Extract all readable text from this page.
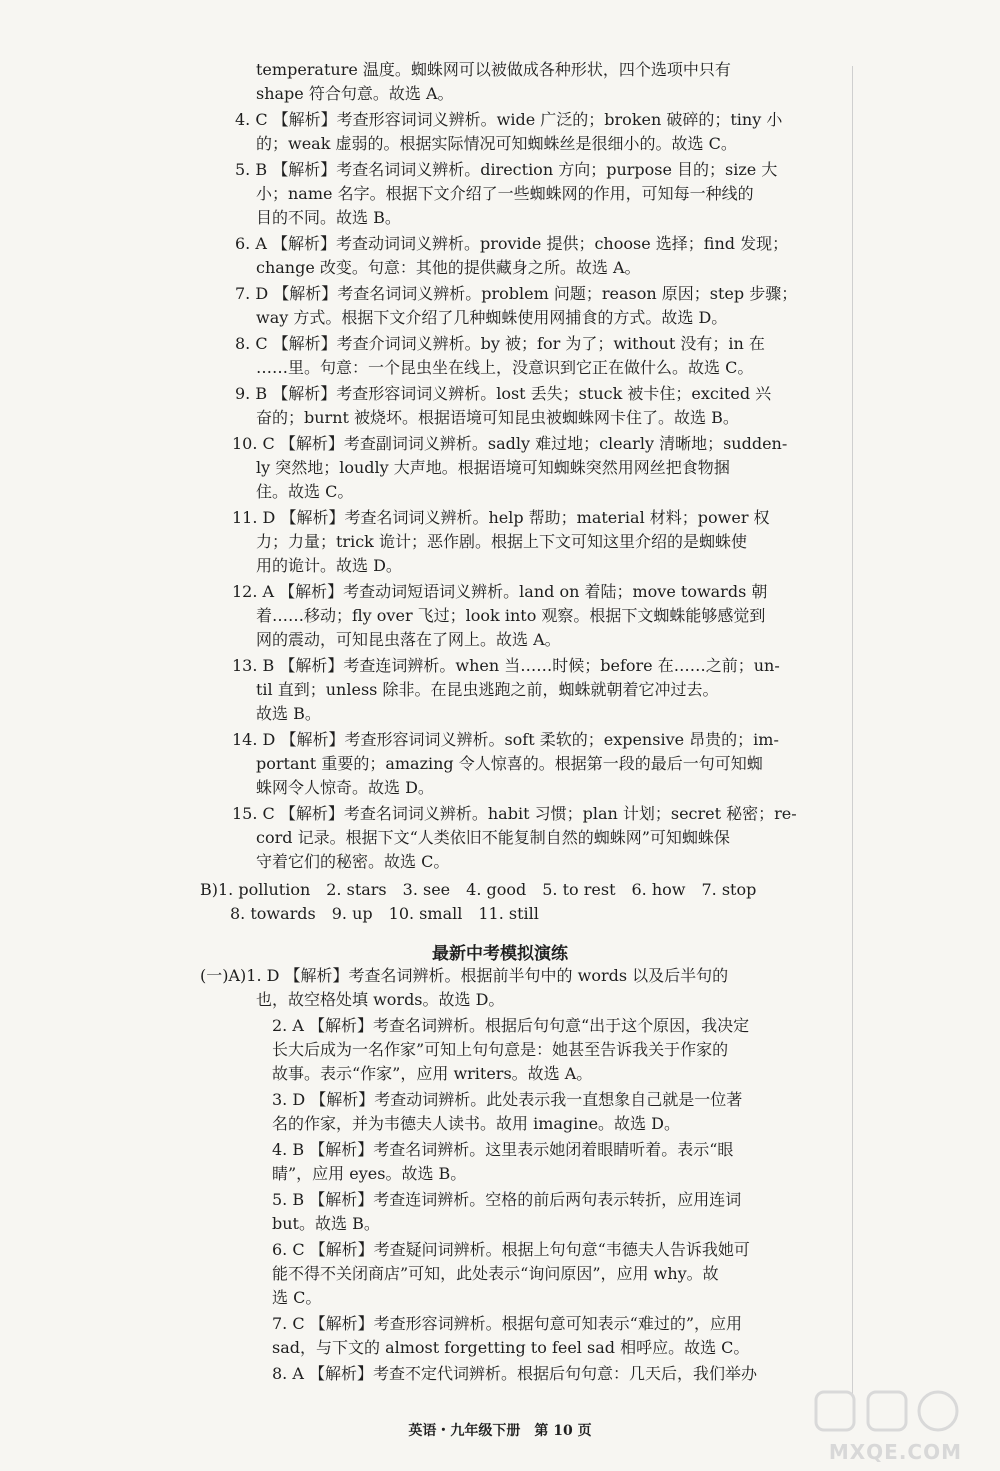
temperature 温度。蜘蛛网可以被做成各种形状，四个选项中只有
shape 符合句意。故选 A。
4. C 【解析】考查形容词词义辨析。wide 广泛的；broken 破碎的；tiny 小
的；weak 虚弱的。根据实际情况可知蜘蛛丝是很细小的。故选 C。
5. B 【解析】考查名词词义辨析。direction 方向；purpose 目的；size 大
小；name 名字。根据下文介绍了一些蜘蛛网的作用，可知每一种线的
目的不同。故选 B。
6. A 【解析】考查动词词义辨析。provide 提供；choose 选择；find 发现；
change 改变。句意：其他的提供藏身之所。故选 A。
7. D 【解析】考查名词词义辨析。problem 问题；reason 原因；step 步骤；
way 方式。根据下文介绍了几种蜘蛛使用网捕食的方式。故选 D。
8. C 【解析】考查介词词义辨析。by 被；for 为了；without 没有；in 在
……里。句意：一个昆虫坐在线上，没意识到它正在做什么。故选 C。
9. B 【解析】考查形容词词义辨析。lost 丢失；stuck 被卡住；excited 兴
奋的；burnt 被烧坏。根据语境可知昆虫被蜘蛛网卡住了。故选 B。
10. C 【解析】考查副词词义辨析。sadly 难过地；clearly 清晰地；sudden-
ly 突然地；loudly 大声地。根据语境可知蜘蛛突然用网丝把食物捆
住。故选 C。
11. D 【解析】考查名词词义辨析。help 帮助；material 材料；power 权
力；力量；trick 诡计；恶作剧。根据上下文可知这里介绍的是蜘蛛使
用的诡计。故选 D。
12. A 【解析】考查动词短语词义辨析。land on 着陆；move towards 朝
着……移动；fly over 飞过；look into 观察。根据下文蜘蛛能够感觉到
网的震动，可知昆虫落在了网上。故选 A。
13. B 【解析】考查连词辨析。when 当……时候；before 在……之前；un-
til 直到；unless 除非。在昆虫逃跑之前，蜘蛛就朝着它冲过去。
故选 B。
14. D 【解析】考查形容词词义辨析。soft 柔软的；expensive 昂贵的；im-
portant 重要的；amazing 令人惊喜的。根据第一段的最后一句可知蜘
蛛网令人惊奇。故选 D。
15. C 【解析】考查名词词义辨析。habit 习惯；plan 计划；secret 秘密；re-
cord 记录。根据下文“人类依旧不能复制自然的蜘蛛网”可知蜘蛛保
守着它们的秘密。故选 C。
B)1. pollution　2. stars　3. see　4. good　5. to rest　6. how　7. stop
8. towards　9. up　10. small　11. still
(一)A)1. D 【解析】考查名词辨析。根据前半句中的 words 以及后半句的
也，故空格处填 words。故选 D。
2. A 【解析】考查名词辨析。根据后句句意“出于这个原因，我决定
长大后成为一名作家”可知上句句意是：她甚至告诉我关于作家的
故事。表示“作家”，应用 writers。故选 A。
3. D 【解析】考查动词辨析。此处表示我一直想象自己就是一位著
名的作家，并为韦德夫人读书。故用 imagine。故选 D。
4. B 【解析】考查名词辨析。这里表示她闭着眼睛听着。表示“眼
睛”，应用 eyes。故选 B。
5. B 【解析】考查连词辨析。空格的前后两句表示转折，应用连词
but。故选 B。
6. C 【解析】考查疑问词辨析。根据上句句意“韦德夫人告诉我她可
能不得不关闭商店”可知，此处表示“询问原因”，应用 why。故
选 C。
7. C 【解析】考查形容词辨析。根据句意可知表示“难过的”，应用
sad，与下文的 almost forgetting to feel sad 相呼应。故选 C。
8. A 【解析】考查不定代词辨析。根据后句句意：几天后，我们举办
最新中考模拟演练
英语・九年级下册　第 10 页
MXQE.COM
